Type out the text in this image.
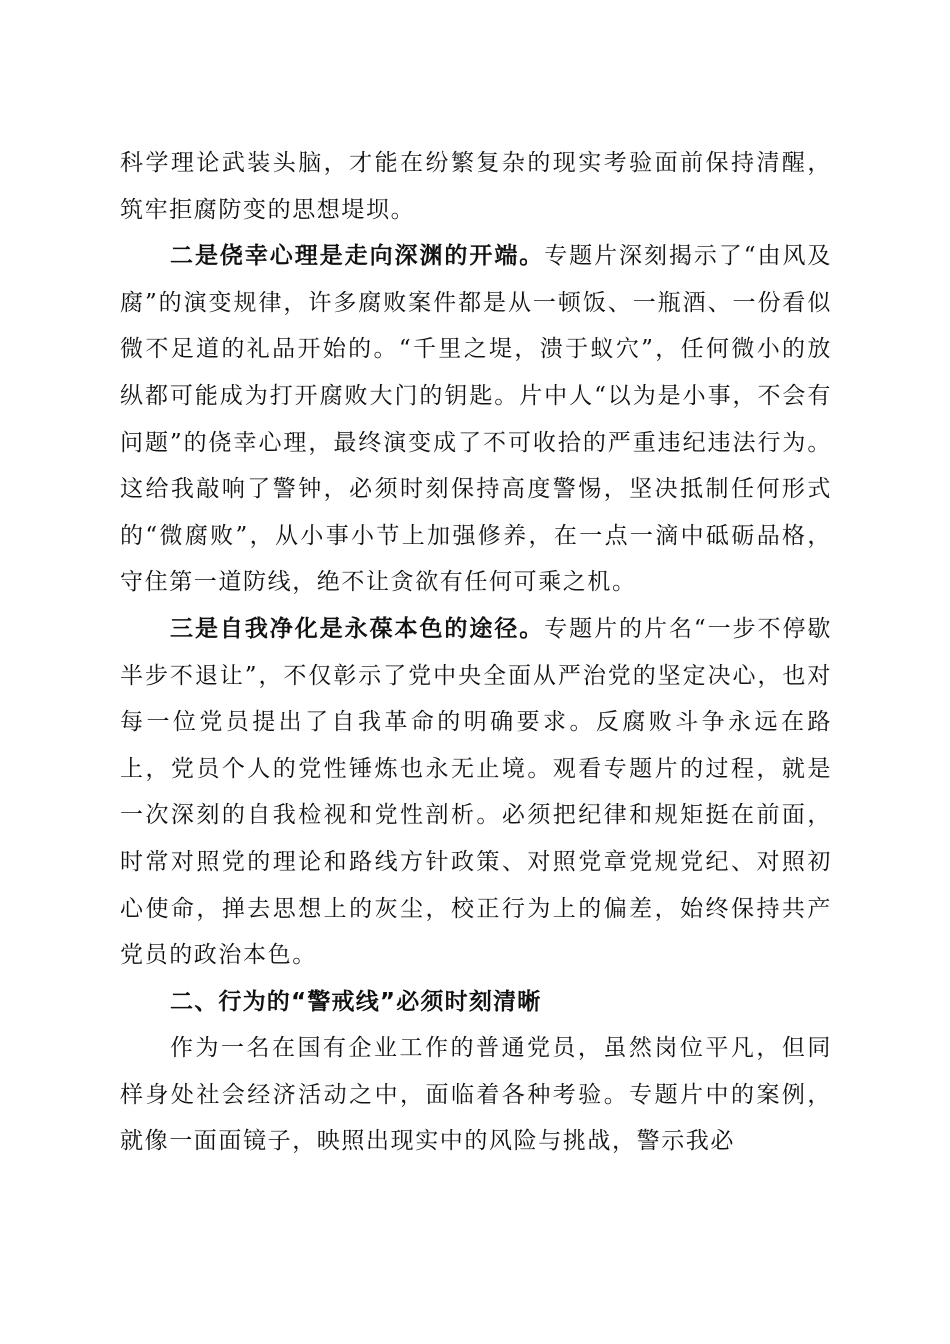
科学理论武装头脑，才能在纷繁复杂的现实考验面前保持清醒，筑牢拒腐防变的思想堤坝。

二是侥幸心理是走向深渊的开端。专题片深刻揭示了“由风及腐”的演变规律，许多腐败案件都是从一顿饭、一瓶酒、一份看似微不足道的礼品开始的。“千里之堤，溃于蚁穴”，任何微小的放纵都可能成为打开腐败大门的钥匙。片中人“以为是小事，不会有问题”的侥幸心理，最终演变成了不可收拾的严重违纪违法行为。这给我敲响了警钟，必须时刻保持高度警惕，坚决抵制任何形式的“微腐败”，从小事小节上加强修养，在一点一滴中砥砺品格，守住第一道防线，绝不让贪欲有任何可乘之机。

三是自我净化是永葆本色的途径。专题片的片名“一步不停歇半步不退让”，不仅彰示了党中央全面从严治党的坚定决心，也对每一位党员提出了自我革命的明确要求。反腐败斗争永远在路上，党员个人的党性锤炼也永无止境。观看专题片的过程，就是一次深刻的自我检视和党性剖析。必须把纪律和规矩挺在前面，时常对照党的理论和路线方针政策、对照党章党规党纪、对照初心使命，掸去思想上的灰尘，校正行为上的偏差，始终保持共产党员的政治本色。

二、行为的“警戒线”必须时刻清晰

作为一名在国有企业工作的普通党员，虽然岗位平凡，但同样身处社会经济活动之中，面临着各种考验。专题片中的案例，就像一面面镜子，映照出现实中的风险与挑战，警示我必
